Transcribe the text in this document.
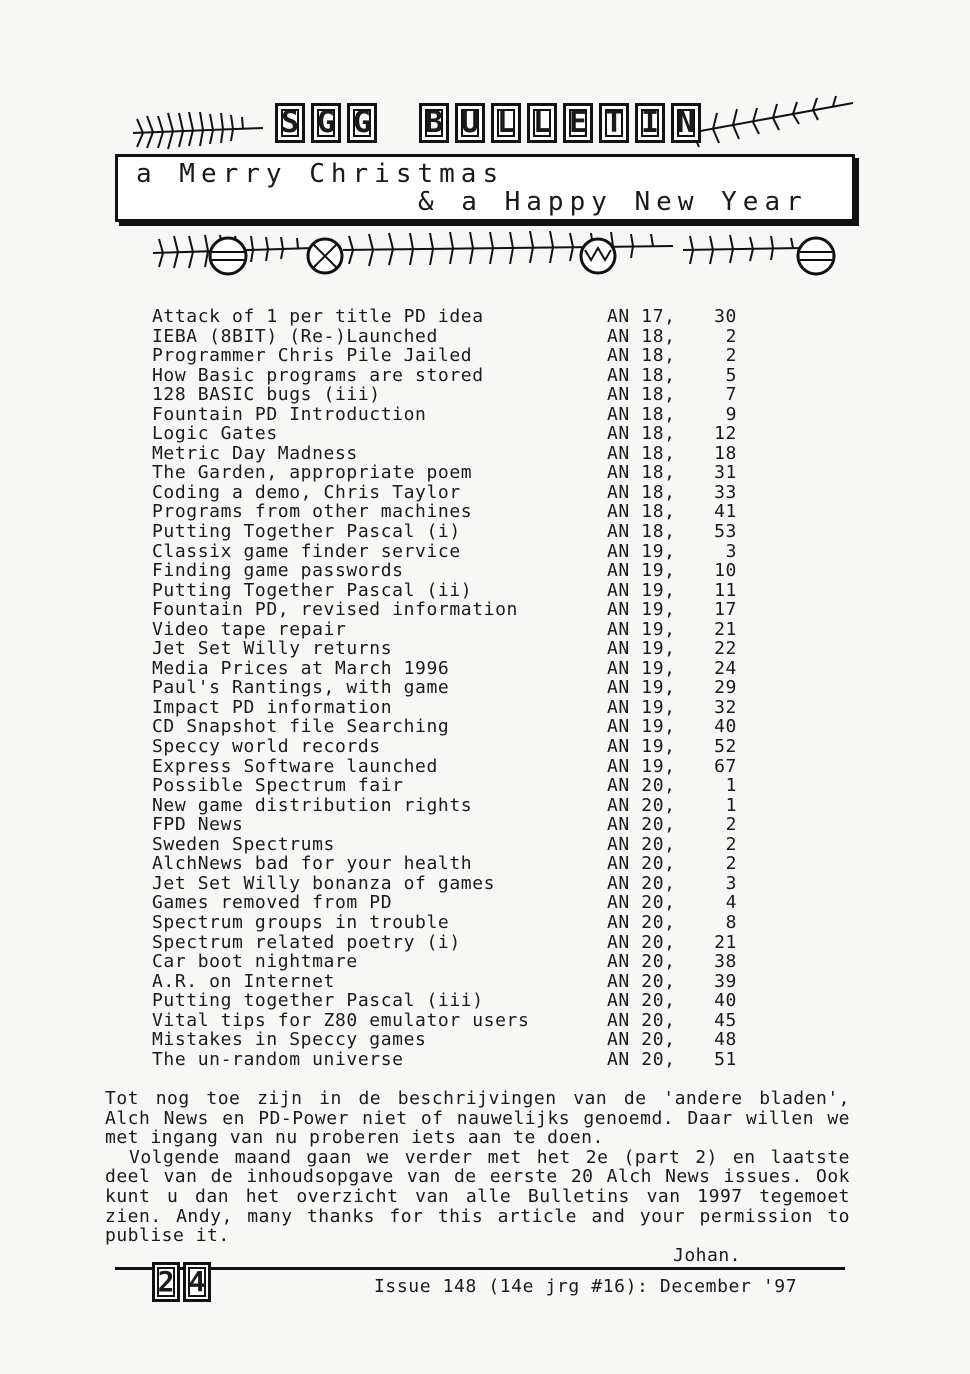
S G G B U L L E T I N
a Merry Christmas
& a Happy New Year
Attack of 1 per title PD idea	AN 17,	30
IEBA (8BIT) (Re-)Launched	AN 18,	2
Programmer Chris Pile Jailed	AN 18,	2
How Basic programs are stored	AN 18,	5
128 BASIC bugs (iii)	AN 18,	7
Fountain PD Introduction	AN 18,	9
Logic Gates	AN 18,	12
Metric Day Madness	AN 18,	18
The Garden, appropriate poem	AN 18,	31
Coding a demo, Chris Taylor	AN 18,	33
Programs from other machines	AN 18,	41
Putting Together Pascal (i)	AN 18,	53
Classix game finder service	AN 19,	3
Finding game passwords	AN 19,	10
Putting Together Pascal (ii)	AN 19,	11
Fountain PD, revised information	AN 19,	17
Video tape repair	AN 19,	21
Jet Set Willy returns	AN 19,	22
Media Prices at March 1996	AN 19,	24
Paul's Rantings, with game	AN 19,	29
Impact PD information	AN 19,	32
CD Snapshot file Searching	AN 19,	40
Speccy world records	AN 19,	52
Express Software launched	AN 19,	67
Possible Spectrum fair	AN 20,	1
New game distribution rights	AN 20,	1
FPD News	AN 20,	2
Sweden Spectrums	AN 20,	2
AlchNews bad for your health	AN 20,	2
Jet Set Willy bonanza of games	AN 20,	3
Games removed from PD	AN 20,	4
Spectrum groups in trouble	AN 20,	8
Spectrum related poetry (i)	AN 20,	21
Car boot nightmare	AN 20,	38
A.R. on Internet	AN 20,	39
Putting together Pascal (iii)	AN 20,	40
Vital tips for Z80 emulator users	AN 20,	45
Mistakes in Speccy games	AN 20,	48
The un-random universe	AN 20,	51

Tot nog toe zijn in de beschrijvingen van de 'andere bladen', Alch News en PD-Power niet of nauwelijks genoemd. Daar willen we met ingang van nu proberen iets aan te doen.

Volgende maand gaan we verder met het 2e (part 2) en laatste deel van de inhoudsopgave van de eerste 20 Alch News issues. Ook kunt u dan het overzicht van alle Bulletins van 1997 tegemoet zien. Andy, many thanks for this article and your permission to publise it.

Johan.
2 4	Issue 148 (14e jrg #16): December '97
